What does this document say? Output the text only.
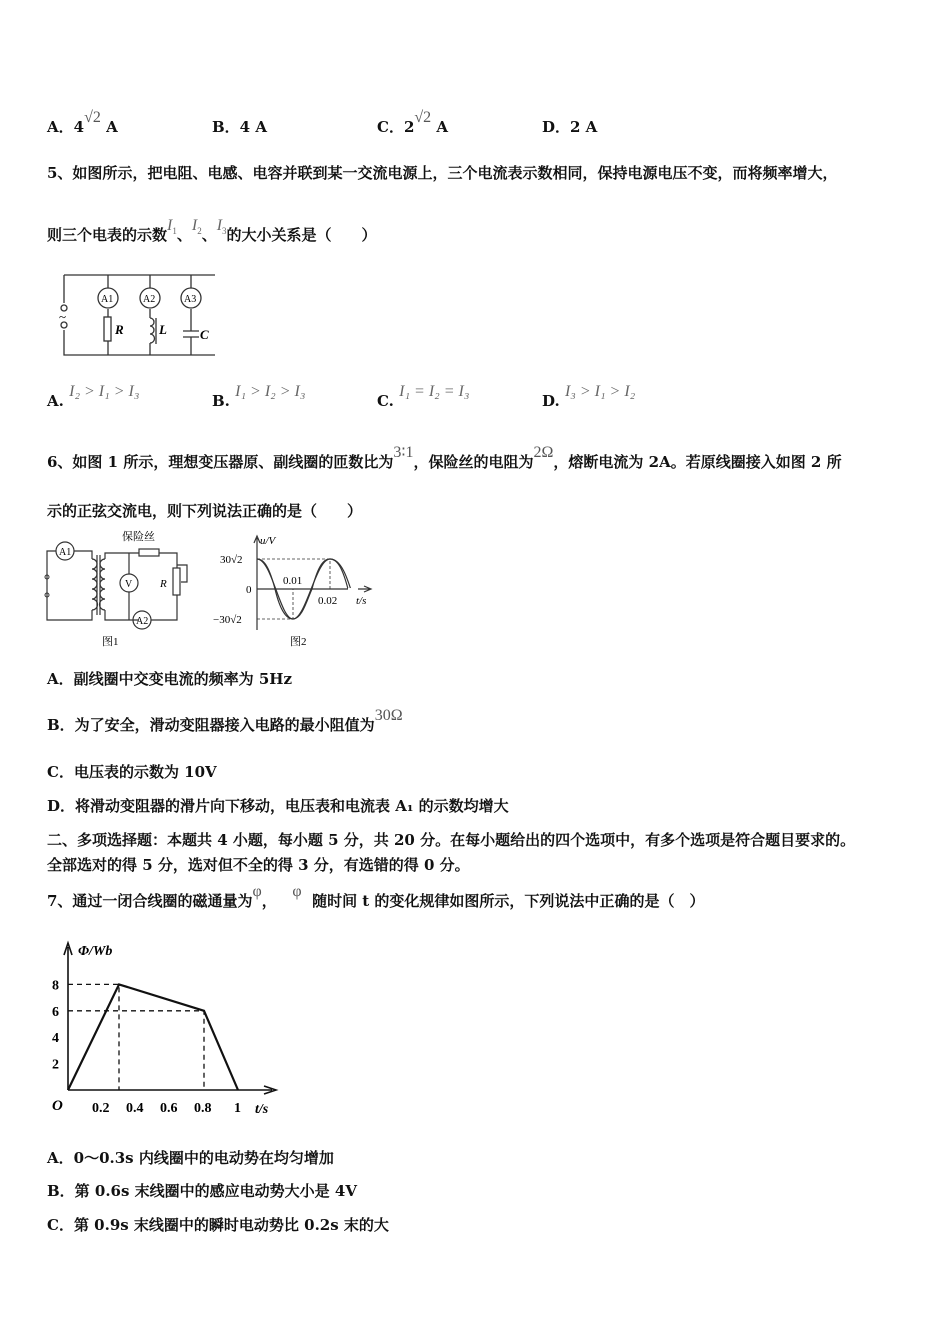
A．4√2 A	B．4 A	C．2√2 A	D．2 A
5、如图所示，把电阻、电感、电容并联到某一交流电源上，三个电流表示数相同，保持电源电压不变，而将频率增大，
则三个电表的示数$I_1$、$I_2$、$I_3$的大小关系是（　　）
~
A1	A2	A3
R	L	C
A. I₂ > I₁ > I₃
B. I₁ > I₂ > I₃
C. I₁ = I₂ = I₃
D. I₃ > I₁ > I₂
6、如图 1 所示，理想变压器原、副线圈的匝数比为3∶1，保险丝的电阻为2Ω，熔断电流为 2A。若原线圈接入如图 2 所
示的正弦交流电，则下列说法正确的是（　　）
A1
V
A2
保险丝
R
图1
u/V
30√2
0
−30√2
0.01
0.02 t/s
图2
A．副线圈中交变电流的频率为 5Hz
B．为了安全，滑动变阻器接入电路的最小阻值为30Ω
C．电压表的示数为 10V
D．将滑动变阻器的滑片向下移动，电压表和电流表 A₁ 的示数均增大
二、多项选择题：本题共 4 小题，每小题 5 分，共 20 分。在每小题给出的四个选项中，有多个选项是符合题目要求的。
全部选对的得 5 分，选对但不全的得 3 分，有选错的得 0 分。
7、通过一闭合线圈的磁通量为φ，   φ  随时间 t 的变化规律如图所示，下列说法中正确的是（　）
Φ/Wb
O	t/s
0.2 0.4 0.6 0.8 1
2
4
6
8
A．0～0.3s 内线圈中的电动势在均匀增加
B．第 0.6s 末线圈中的感应电动势大小是 4V
C．第 0.9s 末线圈中的瞬时电动势比 0.2s 末的大
